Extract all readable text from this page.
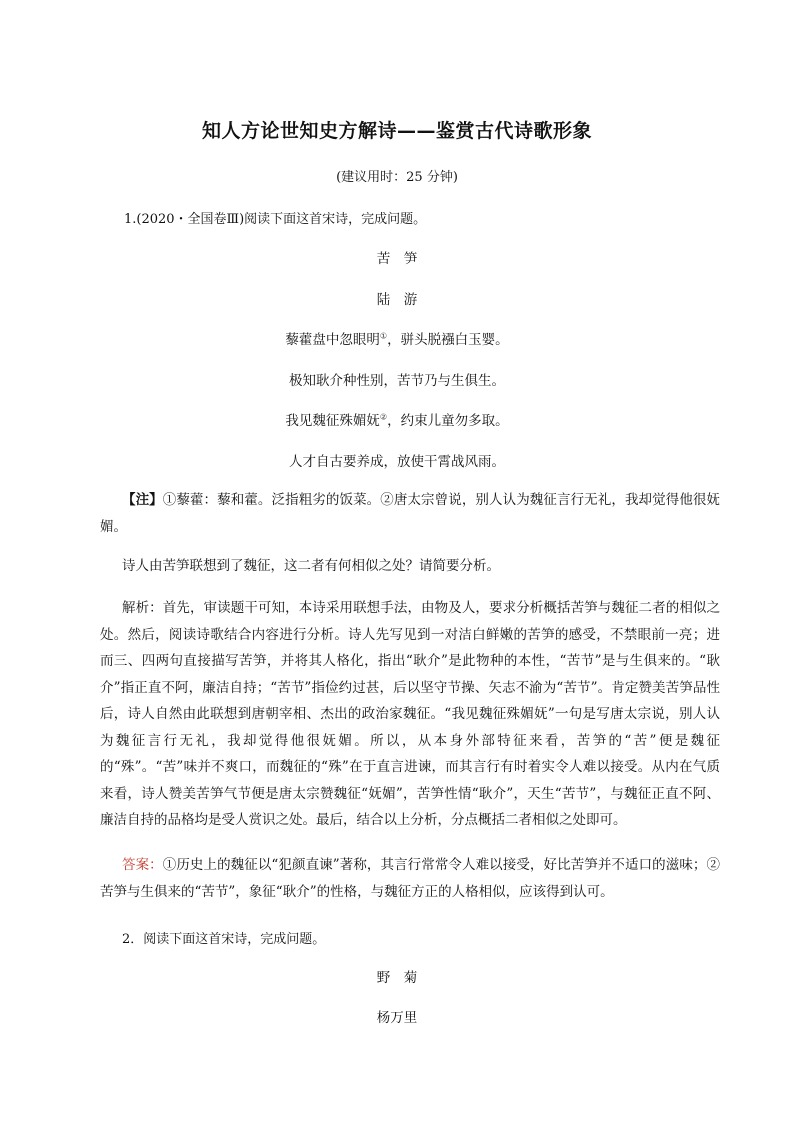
知人方论世知史方解诗——鉴赏古代诗歌形象
(建议用时：25 分钟)
1.(2020・全国卷Ⅲ)阅读下面这首宋诗，完成问题。
苦　笋
陆　游
藜藿盘中忽眼明①，骈头脱襁白玉婴。
极知耿介种性别，苦节乃与生俱生。
我见魏征殊媚妩②，约束儿童勿多取。
人才自古要养成，放使干霄战风雨。
【注】①藜藿：藜和藿。泛指粗劣的饭菜。②唐太宗曾说，别人认为魏征言行无礼，我却觉得他很妩媚。
诗人由苦笋联想到了魏征，这二者有何相似之处？请简要分析。
解析：首先，审读题干可知，本诗采用联想手法，由物及人，要求分析概括苦笋与魏征二者的相似之处。然后，阅读诗歌结合内容进行分析。诗人先写见到一对洁白鲜嫩的苦笋的感受，不禁眼前一亮；进而三、四两句直接描写苦笋，并将其人格化，指出“耿介”是此物种的本性，“苦节”是与生俱来的。“耿介”指正直不阿，廉洁自持；“苦节”指俭约过甚，后以坚守节操、矢志不渝为“苦节”。肯定赞美苦笋品性后，诗人自然由此联想到唐朝宰相、杰出的政治家魏征。“我见魏征殊媚妩”一句是写唐太宗说，别人认为魏征言行无礼，我却觉得他很妩媚。所以，从本身外部特征来看，苦笋的“苦”便是魏征的“殊”。“苦”味并不爽口，而魏征的“殊”在于直言进谏，而其言行有时着实令人难以接受。从内在气质来看，诗人赞美苦笋气节便是唐太宗赞魏征“妩媚”，苦笋性情“耿介”，天生“苦节”，与魏征正直不阿、廉洁自持的品格均是受人赏识之处。最后，结合以上分析，分点概括二者相似之处即可。
答案：①历史上的魏征以“犯颜直谏”著称，其言行常常令人难以接受，好比苦笋并不适口的滋味；②苦笋与生俱来的“苦节”，象征“耿介”的性格，与魏征方正的人格相似，应该得到认可。
2．阅读下面这首宋诗，完成问题。
野　菊
杨万里
